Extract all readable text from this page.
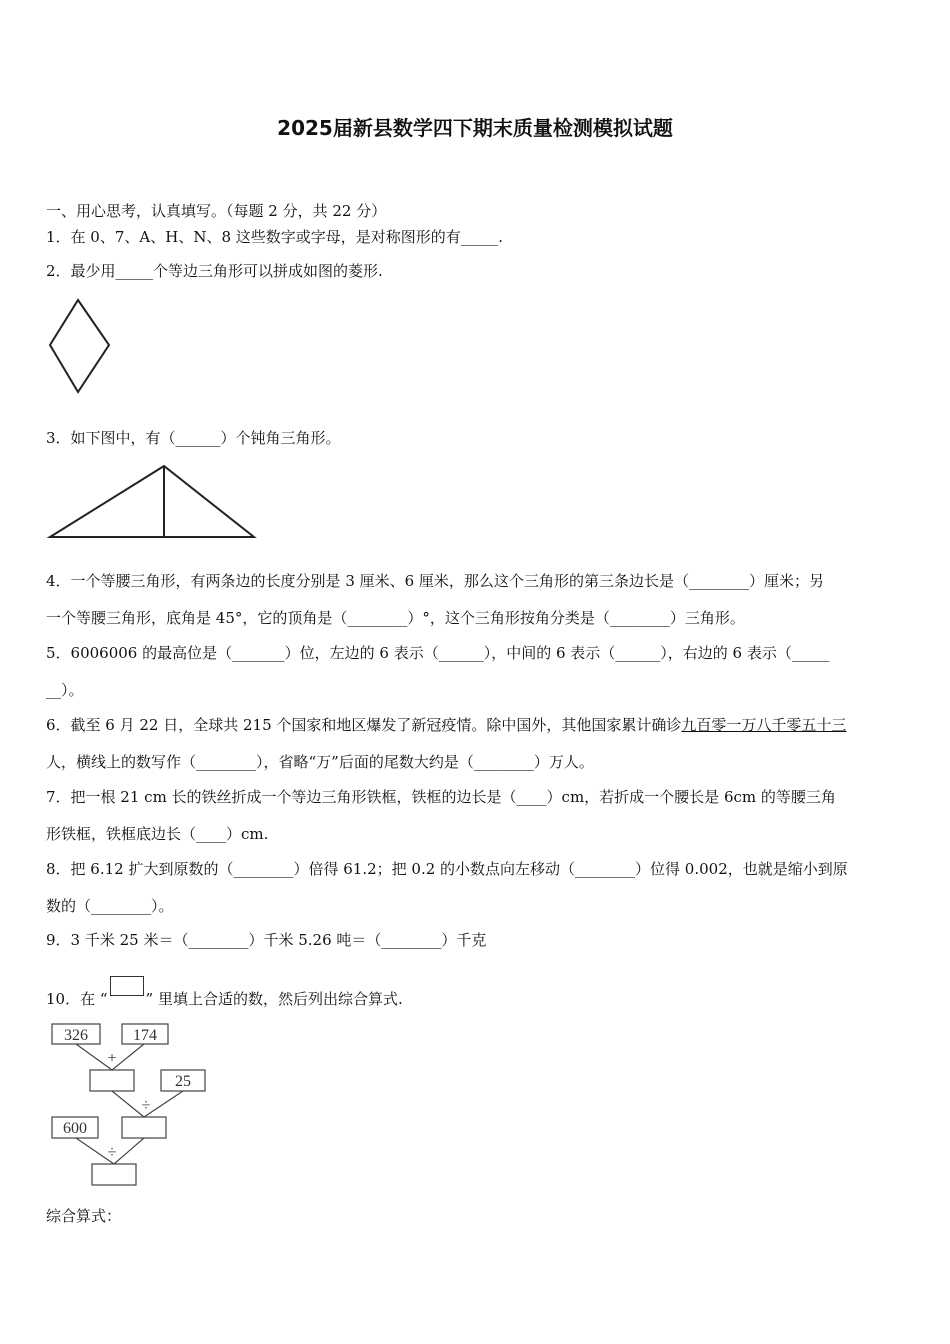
2025届新县数学四下期末质量检测模拟试题
一、用心思考，认真填写。（每题 2 分，共 22 分）
1．在 0、7、A、H、N、8 这些数字或字母，是对称图形的有_____.
2．最少用_____个等边三角形可以拼成如图的菱形.
3．如下图中，有（______）个钝角三角形。
4．一个等腰三角形，有两条边的长度分别是 3 厘米、6 厘米，那么这个三角形的第三条边长是（________）厘米；另
一个等腰三角形，底角是 45°，它的顶角是（________）°，这个三角形按角分类是（________）三角形。
5．6006006 的最高位是（_______）位，左边的 6 表示（______），中间的 6 表示（______），右边的 6 表示（_____
__）。
6．截至 6 月 22 日，全球共 215 个国家和地区爆发了新冠疫情。除中国外，其他国家累计确诊九百零一万八千零五十三
人，横线上的数写作（________），省略“万”后面的尾数大约是（________）万人。
7．把一根 21 cm 长的铁丝折成一个等边三角形铁框，铁框的边长是（____）cm，若折成一个腰长是 6cm 的等腰三角
形铁框，铁框底边长（____）cm.
8．把 6.12 扩大到原数的（________）倍得 61.2；把 0.2 的小数点向左移动（________）位得 0.002，也就是缩小到原
数的（________）。
9．3 千米 25 米＝（________）千米 5.26 吨＝（________）千克
10．在 “	” 里填上合适的数，然后列出综合算式.
326	174
25
600
+
÷
÷
综合算式：
